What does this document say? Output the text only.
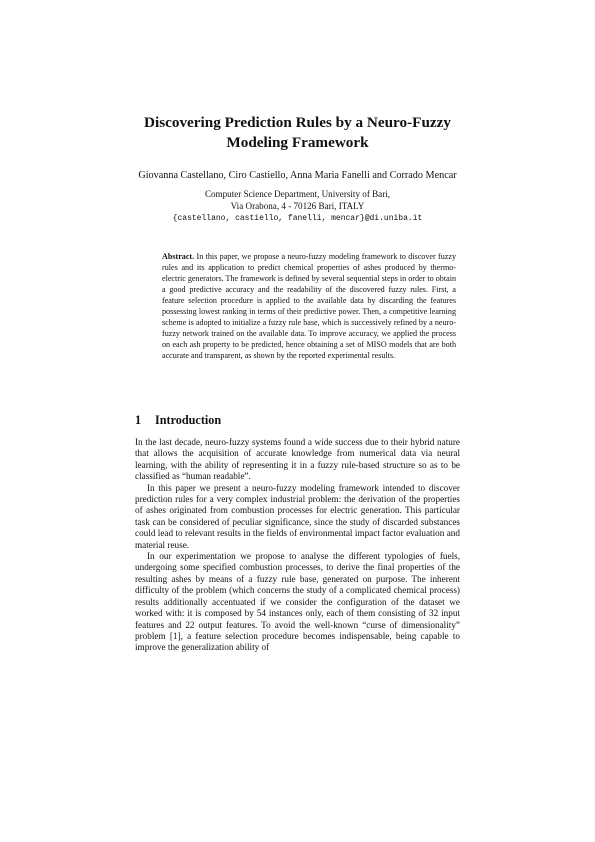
Discovering Prediction Rules by a Neuro-Fuzzy
Modeling Framework
Giovanna Castellano, Ciro Castiello, Anna Maria Fanelli and Corrado Mencar
Computer Science Department, University of Bari,
Via Orabona, 4 - 70126 Bari, ITALY
{castellano, castiello, fanelli, mencar}@di.uniba.it
Abstract. In this paper, we propose a neuro-fuzzy modeling framework to discover fuzzy rules and its application to predict chemical properties of ashes produced by thermo-electric generators. The framework is defined by several sequential steps in order to obtain a good predictive accuracy and the readability of the discovered fuzzy rules. First, a feature selection procedure is applied to the available data by discarding the features possessing lowest ranking in terms of their predictive power. Then, a competitive learning scheme is adopted to initialize a fuzzy rule base, which is successively refined by a neuro-fuzzy network trained on the available data. To improve accuracy, we applied the process on each ash property to be predicted, hence obtaining a set of MISO models that are both accurate and transparent, as shown by the reported experimental results.
1 Introduction

In the last decade, neuro-fuzzy systems found a wide success due to their hybrid nature that allows the acquisition of accurate knowledge from numerical data via neural learning, with the ability of representing it in a fuzzy rule-based structure so as to be classified as “human readable”.

In this paper we present a neuro-fuzzy modeling framework intended to discover prediction rules for a very complex industrial problem: the derivation of the properties of ashes originated from combustion processes for electric generation. This particular task can be considered of peculiar significance, since the study of discarded substances could lead to relevant results in the fields of environmental impact factor evaluation and material reuse.

In our experimentation we propose to analyse the different typologies of fuels, undergoing some specified combustion processes, to derive the final properties of the resulting ashes by means of a fuzzy rule base, generated on purpose. The inherent difficulty of the problem (which concerns the study of a complicated chemical process) results additionally accentuated if we consider the configuration of the dataset we worked with: it is composed by 54 instances only, each of them consisting of 32 input features and 22 output features. To avoid the well-known “curse of dimensionality” problem [1], a feature selection procedure becomes indispensable, being capable to improve the generalization ability of
